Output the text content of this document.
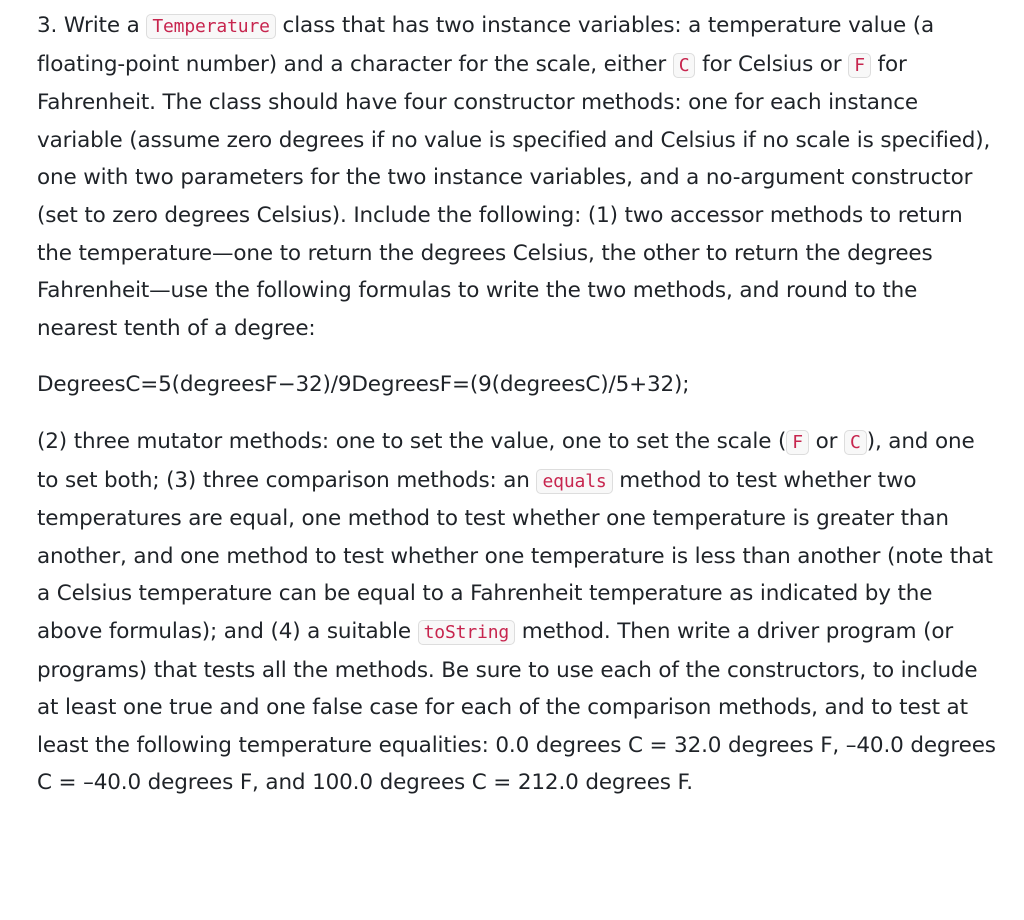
3. Write a Temperature class that has two instance variables: a temperature value (a floating-point number) and a character for the scale, either C for Celsius or F for Fahrenheit. The class should have four constructor methods: one for each instance variable (assume zero degrees if no value is specified and Celsius if no scale is specified), one with two parameters for the two instance variables, and a no-argument constructor (set to zero degrees Celsius). Include the following: (1) two accessor methods to return the temperature—one to return the degrees Celsius, the other to return the degrees Fahrenheit—use the following formulas to write the two methods, and round to the nearest tenth of a degree:

DegreesC=5(degreesF−32)/9DegreesF=(9(degreesC)/5+32);

(2) three mutator methods: one to set the value, one to set the scale ( F or C ), and one to set both; (3) three comparison methods: an equals method to test whether two temperatures are equal, one method to test whether one temperature is greater than another, and one method to test whether one temperature is less than another (note that a Celsius temperature can be equal to a Fahrenheit temperature as indicated by the above formulas); and (4) a suitable toString method. Then write a driver program (or programs) that tests all the methods. Be sure to use each of the constructors, to include at least one true and one false case for each of the comparison methods, and to test at least the following temperature equalities: 0.0 degrees C = 32.0 degrees F, –40.0 degrees C = –40.0 degrees F, and 100.0 degrees C = 212.0 degrees F.
